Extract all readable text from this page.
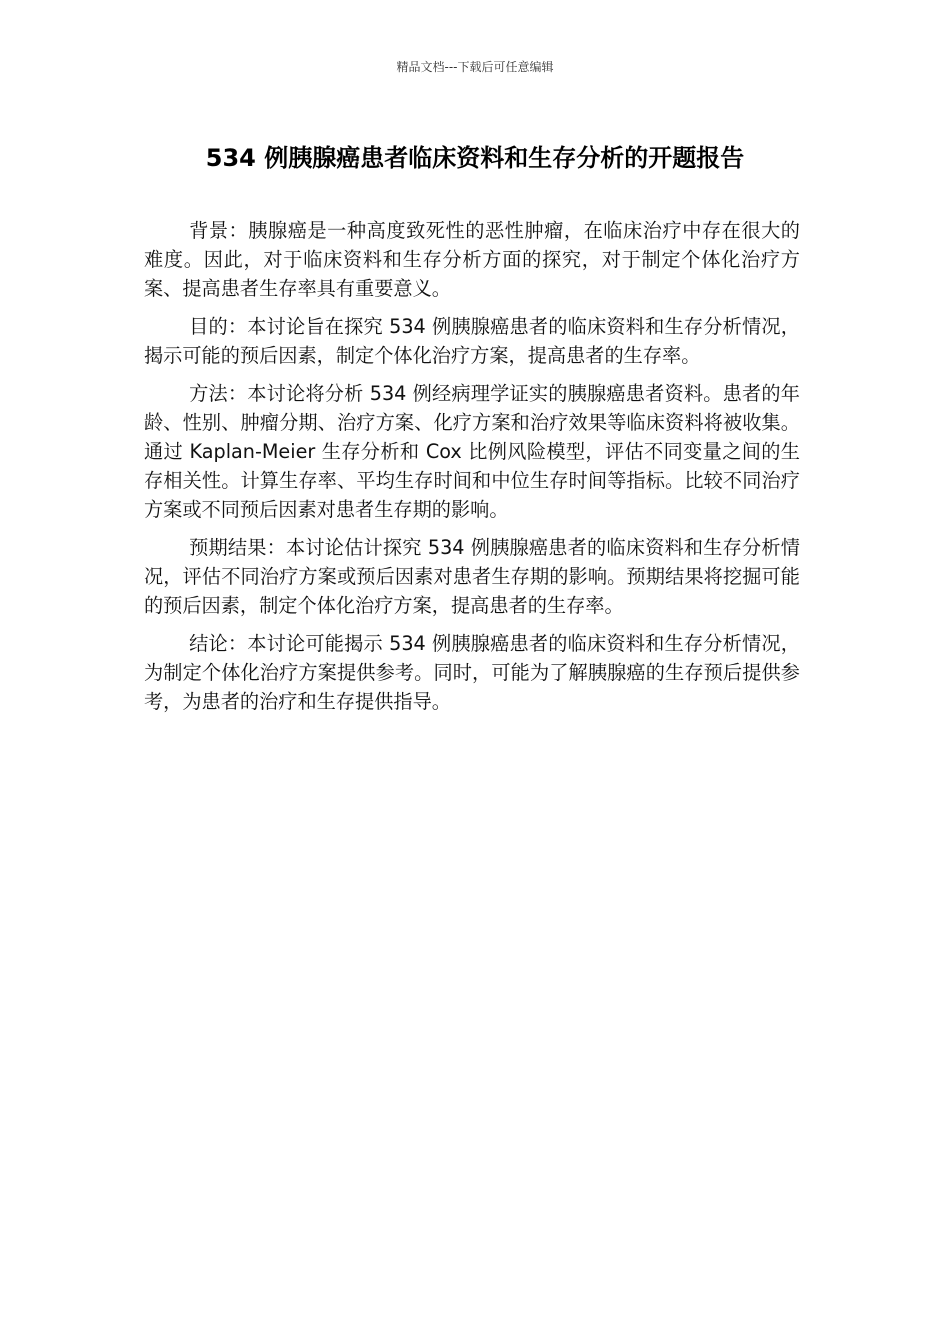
精品文档---下载后可任意编辑
534 例胰腺癌患者临床资料和生存分析的开题报告

背景：胰腺癌是一种高度致死性的恶性肿瘤，在临床治疗中存在很大的难度。因此，对于临床资料和生存分析方面的探究，对于制定个体化治疗方案、提高患者生存率具有重要意义。

目的：本讨论旨在探究 534 例胰腺癌患者的临床资料和生存分析情况，揭示可能的预后因素，制定个体化治疗方案，提高患者的生存率。

方法：本讨论将分析 534 例经病理学证实的胰腺癌患者资料。患者的年龄、性别、肿瘤分期、治疗方案、化疗方案和治疗效果等临床资料将被收集。通过 Kaplan-Meier 生存分析和 Cox 比例风险模型，评估不同变量之间的生存相关性。计算生存率、平均生存时间和中位生存时间等指标。比较不同治疗方案或不同预后因素对患者生存期的影响。

预期结果：本讨论估计探究 534 例胰腺癌患者的临床资料和生存分析情况，评估不同治疗方案或预后因素对患者生存期的影响。预期结果将挖掘可能的预后因素，制定个体化治疗方案，提高患者的生存率。

结论：本讨论可能揭示 534 例胰腺癌患者的临床资料和生存分析情况，为制定个体化治疗方案提供参考。同时，可能为了解胰腺癌的生存预后提供参考，为患者的治疗和生存提供指导。
